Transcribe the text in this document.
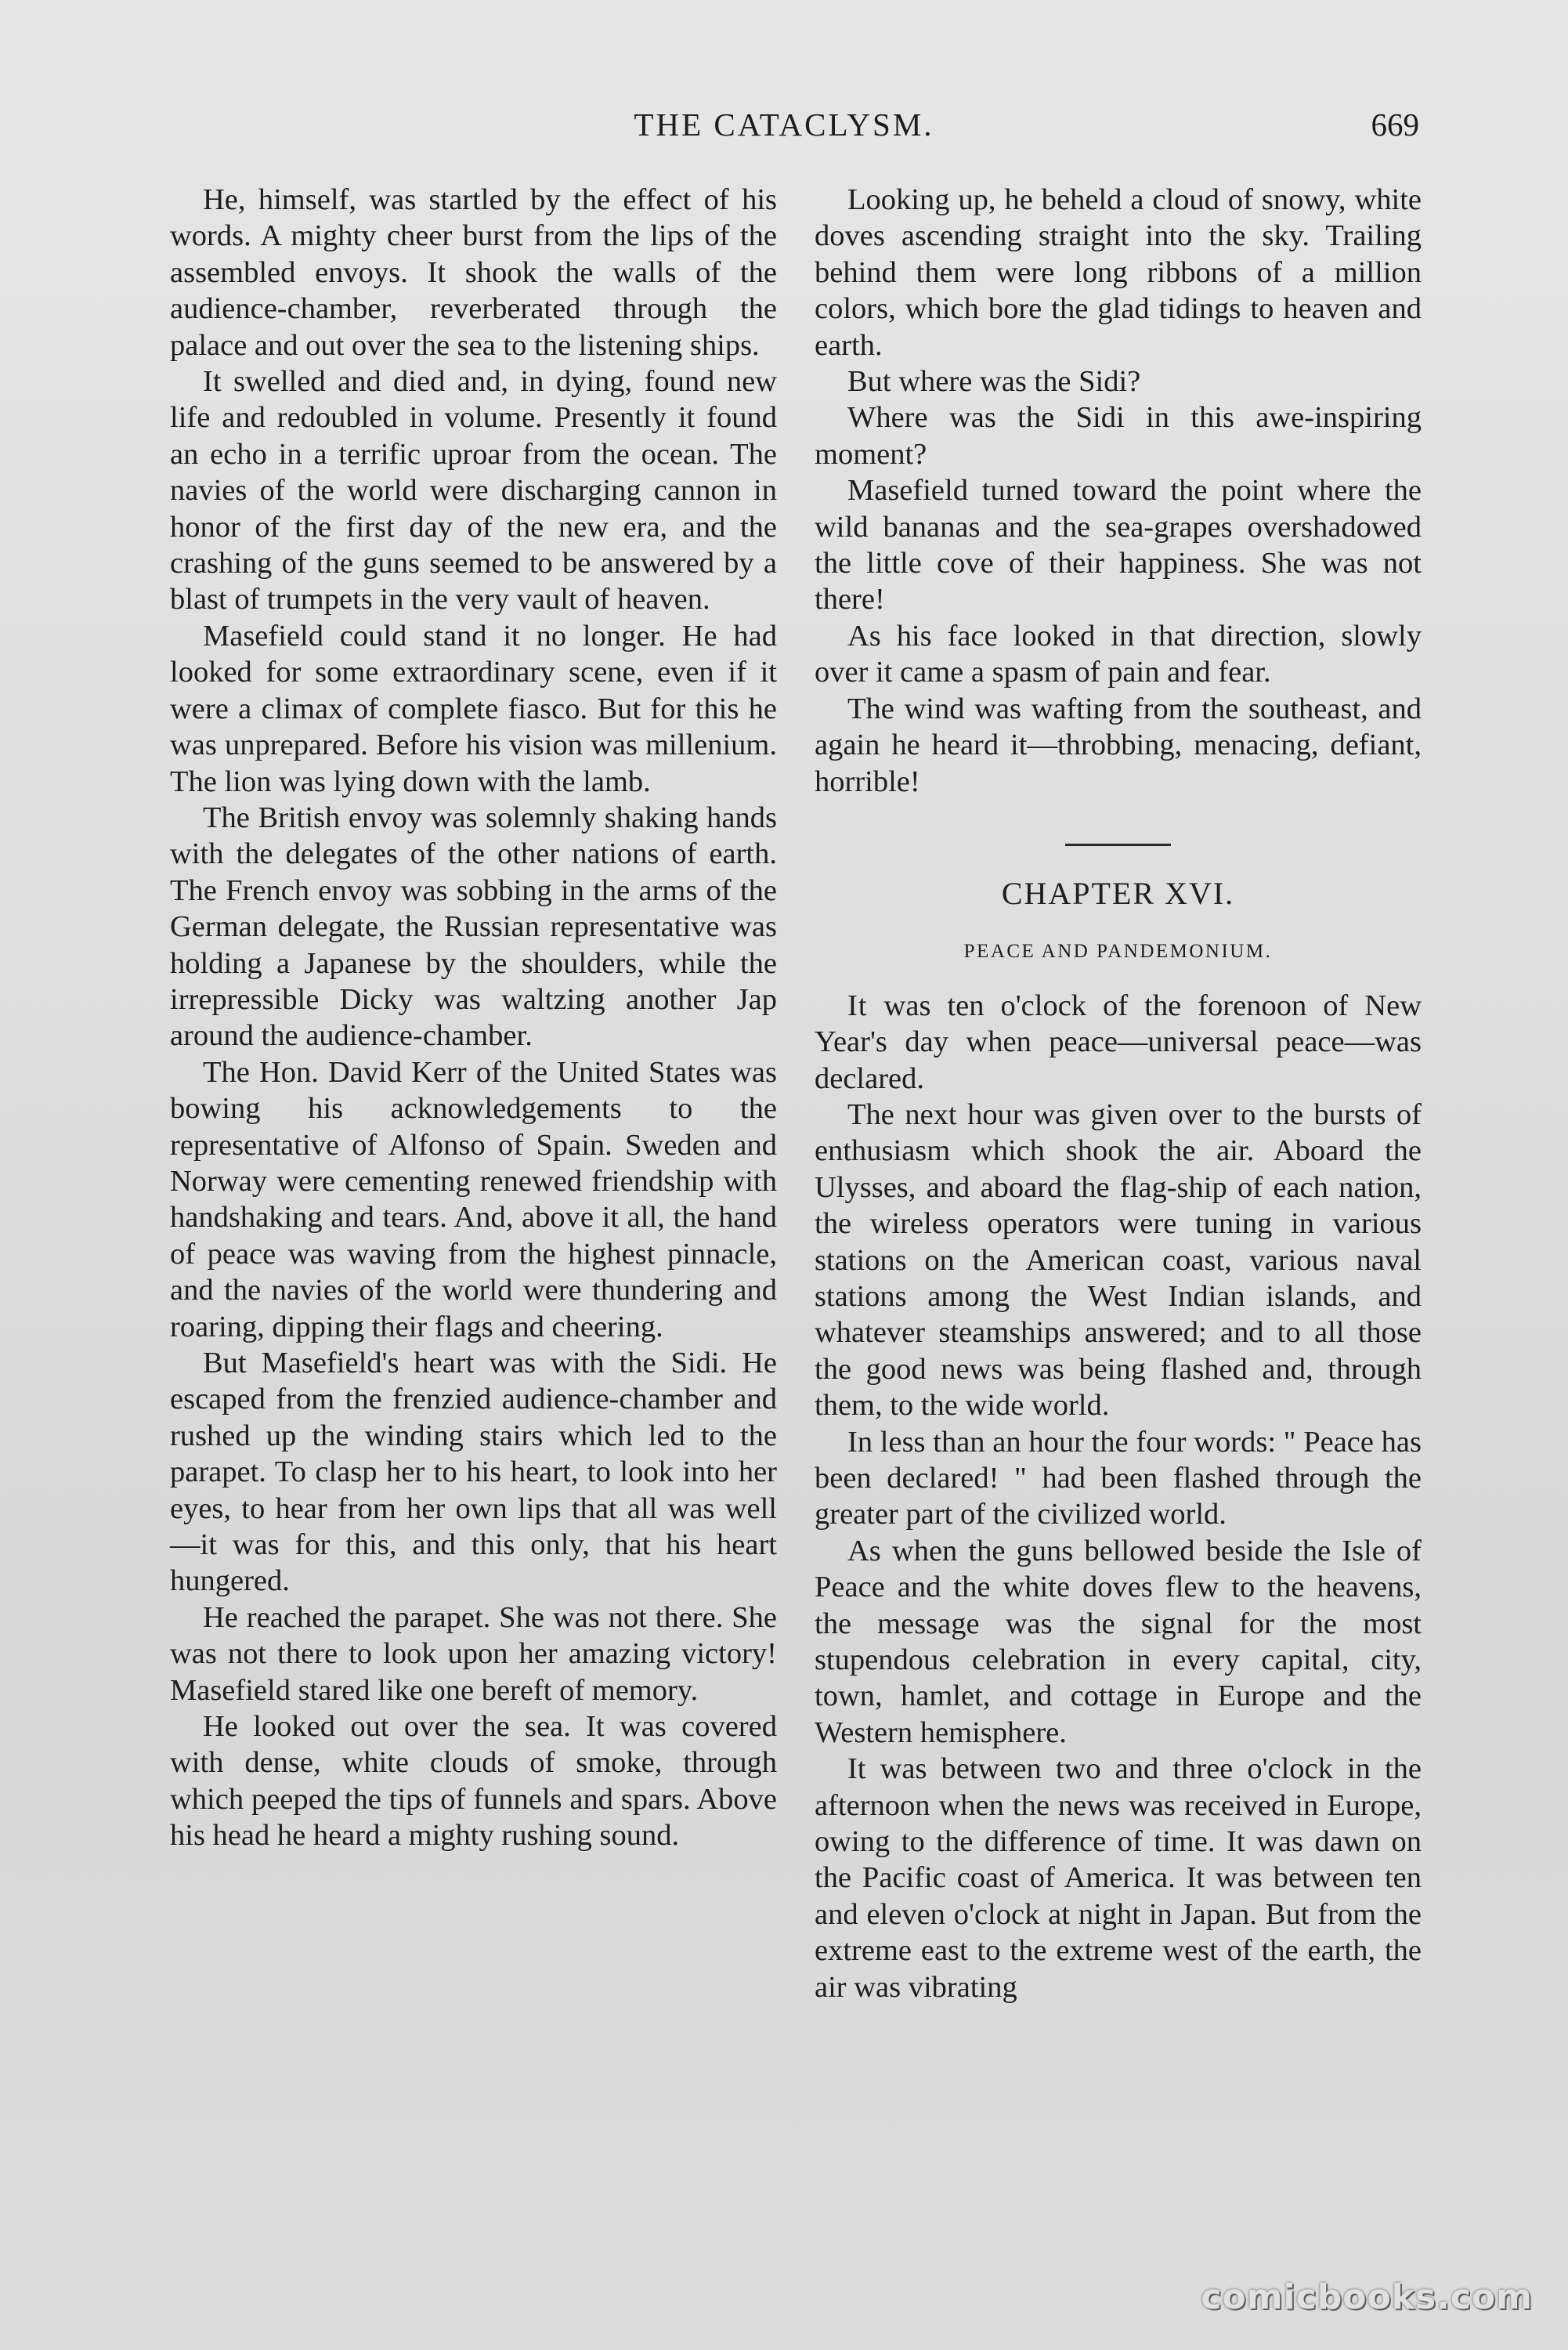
THE CATACLYSM.	669

He, himself, was startled by the effect of his words. A mighty cheer burst from the lips of the assembled envoys. It shook the walls of the audience-chamber, reverberated through the palace and out over the sea to the listening ships.

It swelled and died and, in dying, found new life and redoubled in volume. Presently it found an echo in a terrific uproar from the ocean. The navies of the world were discharging cannon in honor of the first day of the new era, and the crashing of the guns seemed to be answered by a blast of trumpets in the very vault of heaven.

Masefield could stand it no longer. He had looked for some extraordinary scene, even if it were a climax of complete fiasco. But for this he was unprepared. Before his vision was millenium. The lion was lying down with the lamb.

The British envoy was solemnly shaking hands with the delegates of the other nations of earth. The French envoy was sobbing in the arms of the German delegate, the Russian representative was holding a Japanese by the shoulders, while the irrepressible Dicky was waltzing another Jap around the audience-chamber.

The Hon. David Kerr of the United States was bowing his acknowledgements to the representative of Alfonso of Spain. Sweden and Norway were cementing renewed friendship with handshaking and tears. And, above it all, the hand of peace was waving from the highest pinnacle, and the navies of the world were thundering and roaring, dipping their flags and cheering.

But Masefield's heart was with the Sidi. He escaped from the frenzied audience-chamber and rushed up the winding stairs which led to the parapet. To clasp her to his heart, to look into her eyes, to hear from her own lips that all was well—it was for this, and this only, that his heart hungered.

He reached the parapet. She was not there. She was not there to look upon her amazing victory! Masefield stared like one bereft of memory.

He looked out over the sea. It was covered with dense, white clouds of smoke, through which peeped the tips of funnels and spars. Above his head he heard a mighty rushing sound.

Looking up, he beheld a cloud of snowy, white doves ascending straight into the sky. Trailing behind them were long ribbons of a million colors, which bore the glad tidings to heaven and earth.

But where was the Sidi?

Where was the Sidi in this awe-inspiring moment?

Masefield turned toward the point where the wild bananas and the sea-grapes overshadowed the little cove of their happiness. She was not there!

As his face looked in that direction, slowly over it came a spasm of pain and fear.

The wind was wafting from the southeast, and again he heard it—throbbing, menacing, defiant, horrible!

CHAPTER XVI.
PEACE AND PANDEMONIUM.

It was ten o'clock of the forenoon of New Year's day when peace—universal peace—was declared.

The next hour was given over to the bursts of enthusiasm which shook the air. Aboard the Ulysses, and aboard the flag-ship of each nation, the wireless operators were tuning in various stations on the American coast, various naval stations among the West Indian islands, and whatever steamships answered; and to all those the good news was being flashed and, through them, to the wide world.

In less than an hour the four words: " Peace has been declared! " had been flashed through the greater part of the civilized world.

As when the guns bellowed beside the Isle of Peace and the white doves flew to the heavens, the message was the signal for the most stupendous celebration in every capital, city, town, hamlet, and cottage in Europe and the Western hemisphere.

It was between two and three o'clock in the afternoon when the news was received in Europe, owing to the difference of time. It was dawn on the Pacific coast of America. It was between ten and eleven o'clock at night in Japan. But from the extreme east to the extreme west of the earth, the air was vibrating

comicbooks.com
